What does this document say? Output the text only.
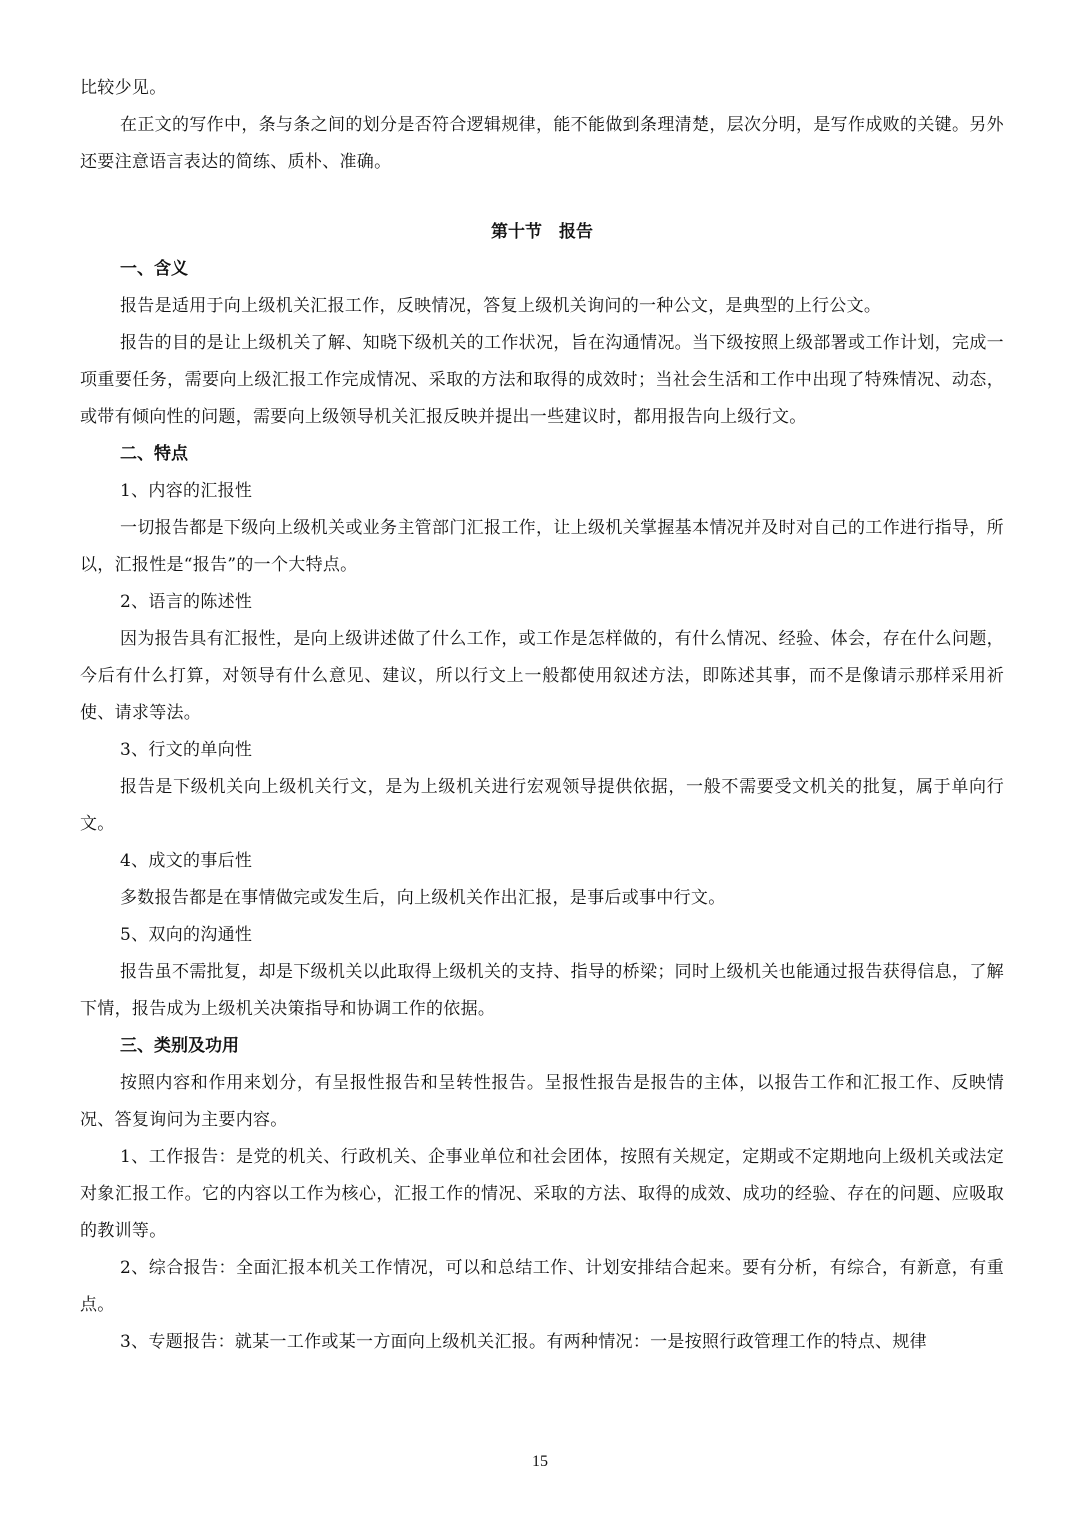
比较少见。

在正文的写作中，条与条之间的划分是否符合逻辑规律，能不能做到条理清楚，层次分明，是写作成败的关键。另外还要注意语言表达的简练、质朴、准确。

第十节　报告

一、含义

报告是适用于向上级机关汇报工作，反映情况，答复上级机关询问的一种公文，是典型的上行公文。

报告的目的是让上级机关了解、知晓下级机关的工作状况，旨在沟通情况。当下级按照上级部署或工作计划，完成一项重要任务，需要向上级汇报工作完成情况、采取的方法和取得的成效时；当社会生活和工作中出现了特殊情况、动态，或带有倾向性的问题，需要向上级领导机关汇报反映并提出一些建议时，都用报告向上级行文。

二、特点

1、内容的汇报性

一切报告都是下级向上级机关或业务主管部门汇报工作，让上级机关掌握基本情况并及时对自己的工作进行指导，所以，汇报性是“报告”的一个大特点。

2、语言的陈述性

因为报告具有汇报性，是向上级讲述做了什么工作，或工作是怎样做的，有什么情况、经验、体会，存在什么问题，今后有什么打算，对领导有什么意见、建议，所以行文上一般都使用叙述方法，即陈述其事，而不是像请示那样采用祈使、请求等法。

3、行文的单向性

报告是下级机关向上级机关行文，是为上级机关进行宏观领导提供依据，一般不需要受文机关的批复，属于单向行文。

4、成文的事后性

多数报告都是在事情做完或发生后，向上级机关作出汇报，是事后或事中行文。

5、双向的沟通性

报告虽不需批复，却是下级机关以此取得上级机关的支持、指导的桥梁；同时上级机关也能通过报告获得信息，了解下情，报告成为上级机关决策指导和协调工作的依据。

三、类别及功用

按照内容和作用来划分，有呈报性报告和呈转性报告。呈报性报告是报告的主体，以报告工作和汇报工作、反映情况、答复询问为主要内容。

1、工作报告：是党的机关、行政机关、企事业单位和社会团体，按照有关规定，定期或不定期地向上级机关或法定对象汇报工作。它的内容以工作为核心，汇报工作的情况、采取的方法、取得的成效、成功的经验、存在的问题、应吸取的教训等。

2、综合报告：全面汇报本机关工作情况，可以和总结工作、计划安排结合起来。要有分析，有综合，有新意，有重点。

3、专题报告：就某一工作或某一方面向上级机关汇报。有两种情况：一是按照行政管理工作的特点、规律

15
